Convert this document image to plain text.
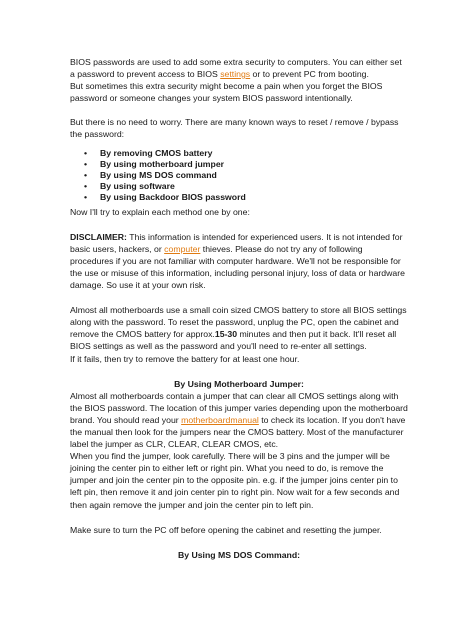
BIOS passwords are used to add some extra security to computers. You can either set a password to prevent access to BIOS settings or to prevent PC from booting.

But sometimes this extra security might become a pain when you forget the BIOS password or someone changes your system BIOS password intentionally.

But there is no need to worry. There are many known ways to reset / remove / bypass the password:

• By removing CMOS battery
• By using motherboard jumper
• By using MS DOS command
• By using software
• By using Backdoor BIOS password

Now I'll try to explain each method one by one:

DISCLAIMER: This information is intended for experienced users. It is not intended for basic users, hackers, or computer thieves. Please do not try any of following procedures if you are not familiar with computer hardware. We'll not be responsible for the use or misuse of this information, including personal injury, loss of data or hardware damage. So use it at your own risk.

Almost all motherboards use a small coin sized CMOS battery to store all BIOS settings along with the password. To reset the password, unplug the PC, open the cabinet and remove the CMOS battery for approx.15-30 minutes and then put it back. It'll reset all BIOS settings as well as the password and you'll need to re-enter all settings.

If it fails, then try to remove the battery for at least one hour.

By Using Motherboard Jumper:

Almost all motherboards contain a jumper that can clear all CMOS settings along with the BIOS password. The location of this jumper varies depending upon the motherboard brand. You should read your motherboardmanual to check its location. If you don't have the manual then look for the jumpers near the CMOS battery. Most of the manufacturer label the jumper as CLR, CLEAR, CLEAR CMOS, etc.

When you find the jumper, look carefully. There will be 3 pins and the jumper will be joining the center pin to either left or right pin. What you need to do, is remove the jumper and join the center pin to the opposite pin. e.g. if the jumper joins center pin to left pin, then remove it and join center pin to right pin. Now wait for a few seconds and then again remove the jumper and join the center pin to left pin.

Make sure to turn the PC off before opening the cabinet and resetting the jumper.

By Using MS DOS Command:
